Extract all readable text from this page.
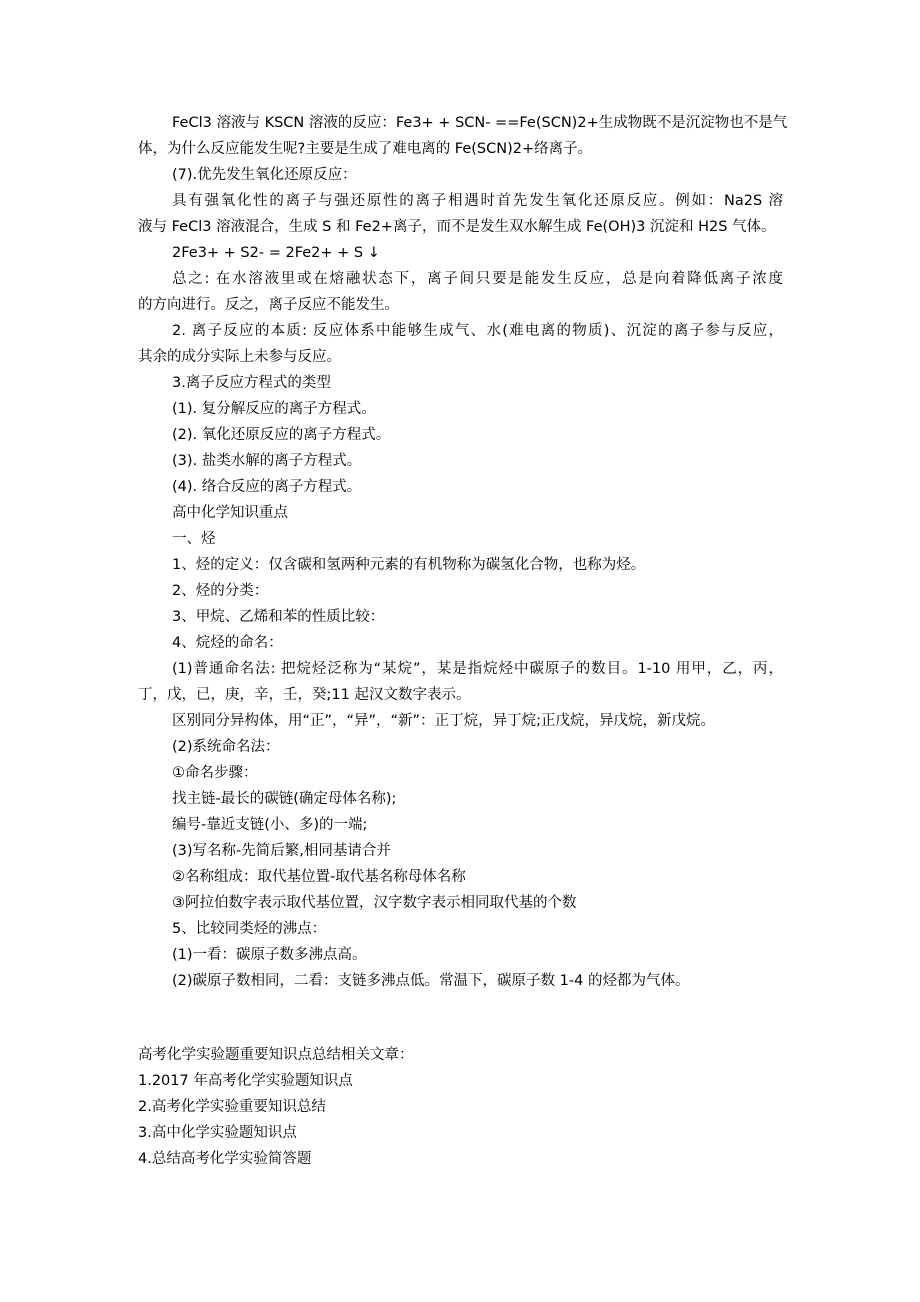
FeCl3 溶液与 KSCN 溶液的反应：Fe3+ + SCN- ==Fe(SCN)2+生成物既不是沉淀物也不是气
体，为什么反应能发生呢?主要是生成了难电离的 Fe(SCN)2+络离子。
(7).优先发生氧化还原反应：
具有强氧化性的离子与强还原性的离子相遇时首先发生氧化还原反应。例如：Na2S 溶
液与 FeCl3 溶液混合，生成 S 和 Fe2+离子，而不是发生双水解生成 Fe(OH)3 沉淀和 H2S 气体。
2Fe3+ + S2- = 2Fe2+ + S ↓
总之: 在水溶液里或在熔融状态下，离子间只要是能发生反应，总是向着降低离子浓度
的方向进行。反之，离子反应不能发生。
2. 离子反应的本质: 反应体系中能够生成气、水(难电离的物质)、沉淀的离子参与反应，
其余的成分实际上未参与反应。
3.离子反应方程式的类型
(1). 复分解反应的离子方程式。
(2). 氧化还原反应的离子方程式。
(3). 盐类水解的离子方程式。
(4). 络合反应的离子方程式。
高中化学知识重点
一、烃
1、烃的定义：仅含碳和氢两种元素的有机物称为碳氢化合物，也称为烃。
2、烃的分类：
3、甲烷、乙烯和苯的性质比较：
4、烷烃的命名：
(1)普通命名法: 把烷烃泛称为“某烷”，某是指烷烃中碳原子的数目。1-10 用甲，乙，丙，
丁，戊，已，庚，辛，壬，癸;11 起汉文数字表示。
区别同分异构体，用“正”，“异”，“新”：正丁烷，异丁烷;正戊烷，异戊烷，新戊烷。
(2)系统命名法：
①命名步骤：
找主链-最长的碳链(确定母体名称);
编号-靠近支链(小、多)的一端;
(3)写名称-先简后繁,相同基请合并
②名称组成：取代基位置-取代基名称母体名称
③阿拉伯数字表示取代基位置，汉字数字表示相同取代基的个数
5、比较同类烃的沸点：
(1)一看：碳原子数多沸点高。
(2)碳原子数相同，二看：支链多沸点低。常温下，碳原子数 1-4 的烃都为气体。
高考化学实验题重要知识点总结相关文章：
1.2017 年高考化学实验题知识点
2.高考化学实验重要知识总结
3.高中化学实验题知识点
4.总结高考化学实验简答题
